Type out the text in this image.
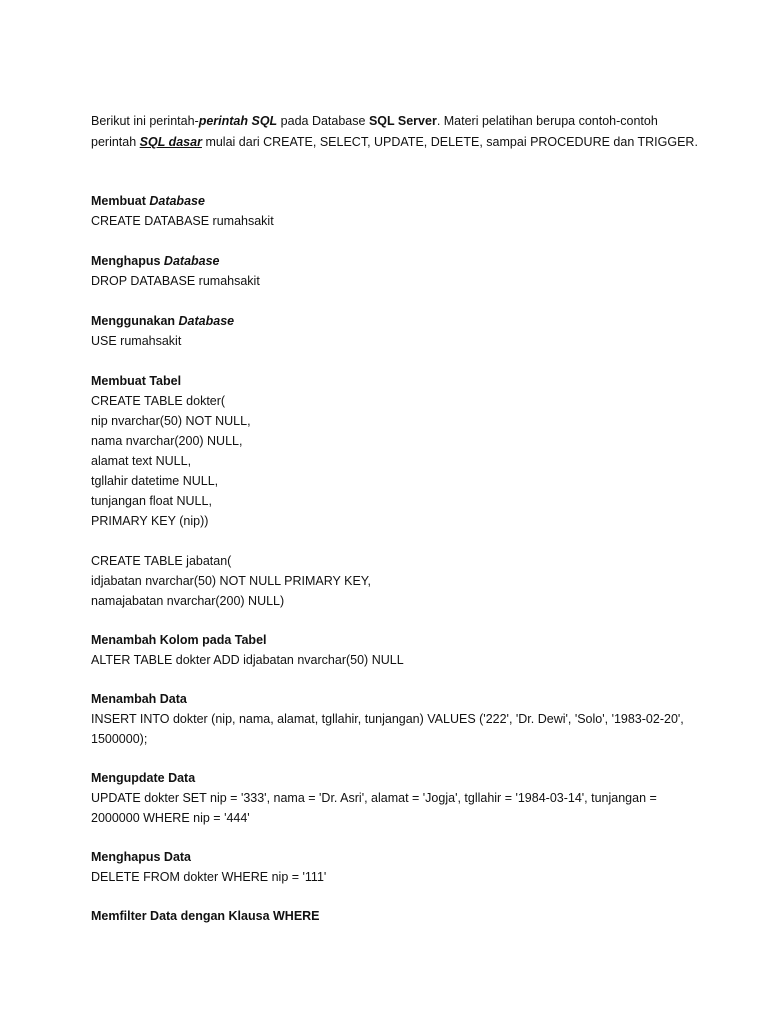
Berikut ini perintah-perintah SQL pada Database SQL Server. Materi pelatihan berupa contoh-contoh

perintah SQL dasar mulai dari CREATE, SELECT, UPDATE, DELETE, sampai PROCEDURE dan TRIGGER.

Membuat Database
CREATE DATABASE rumahsakit
Menghapus Database
DROP DATABASE rumahsakit
Menggunakan Database
USE rumahsakit
Membuat Tabel
CREATE TABLE dokter(
nip nvarchar(50) NOT NULL,
nama nvarchar(200) NULL,
alamat text NULL,
tgllahir datetime NULL,
tunjangan float NULL,
PRIMARY KEY (nip))
CREATE TABLE jabatan(
idjabatan nvarchar(50) NOT NULL PRIMARY KEY,
namajabatan nvarchar(200) NULL)
Menambah Kolom pada Tabel
ALTER TABLE dokter ADD idjabatan nvarchar(50) NULL
Menambah Data
INSERT INTO dokter (nip, nama, alamat, tgllahir, tunjangan) VALUES ('222', 'Dr. Dewi', 'Solo', '1983-02-20', 1500000);
Mengupdate Data
UPDATE dokter SET nip = '333', nama = 'Dr. Asri', alamat = 'Jogja', tgllahir = '1984-03-14', tunjangan = 2000000 WHERE nip = '444'
Menghapus Data
DELETE FROM dokter WHERE nip = '111'
Memfilter Data dengan Klausa WHERE
